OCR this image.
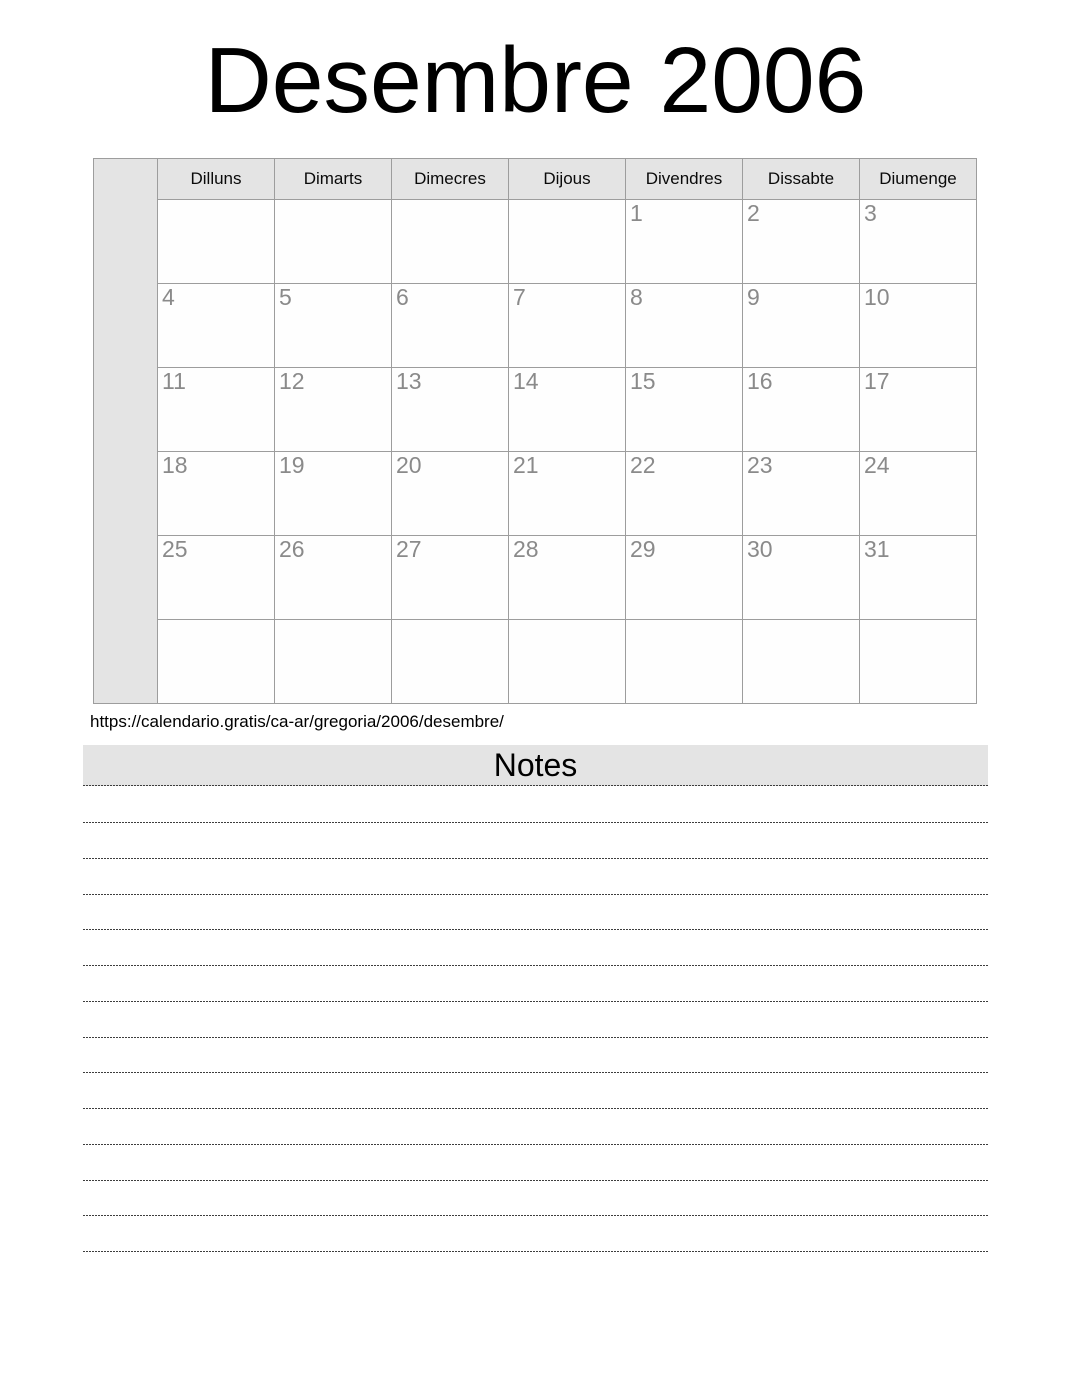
Desembre 2006
	Dilluns	Dimarts	Dimecres	Dijous	Divendres	Dissabte	Diumenge

					1	2	3

	4	5	6	7	8	9	10

	11	12	13	14	15	16	17

	18	19	20	21	22	23	24

	25	26	27	28	29	30	31

https://calendario.gratis/ca-ar/gregoria/2006/desembre/
Notes
